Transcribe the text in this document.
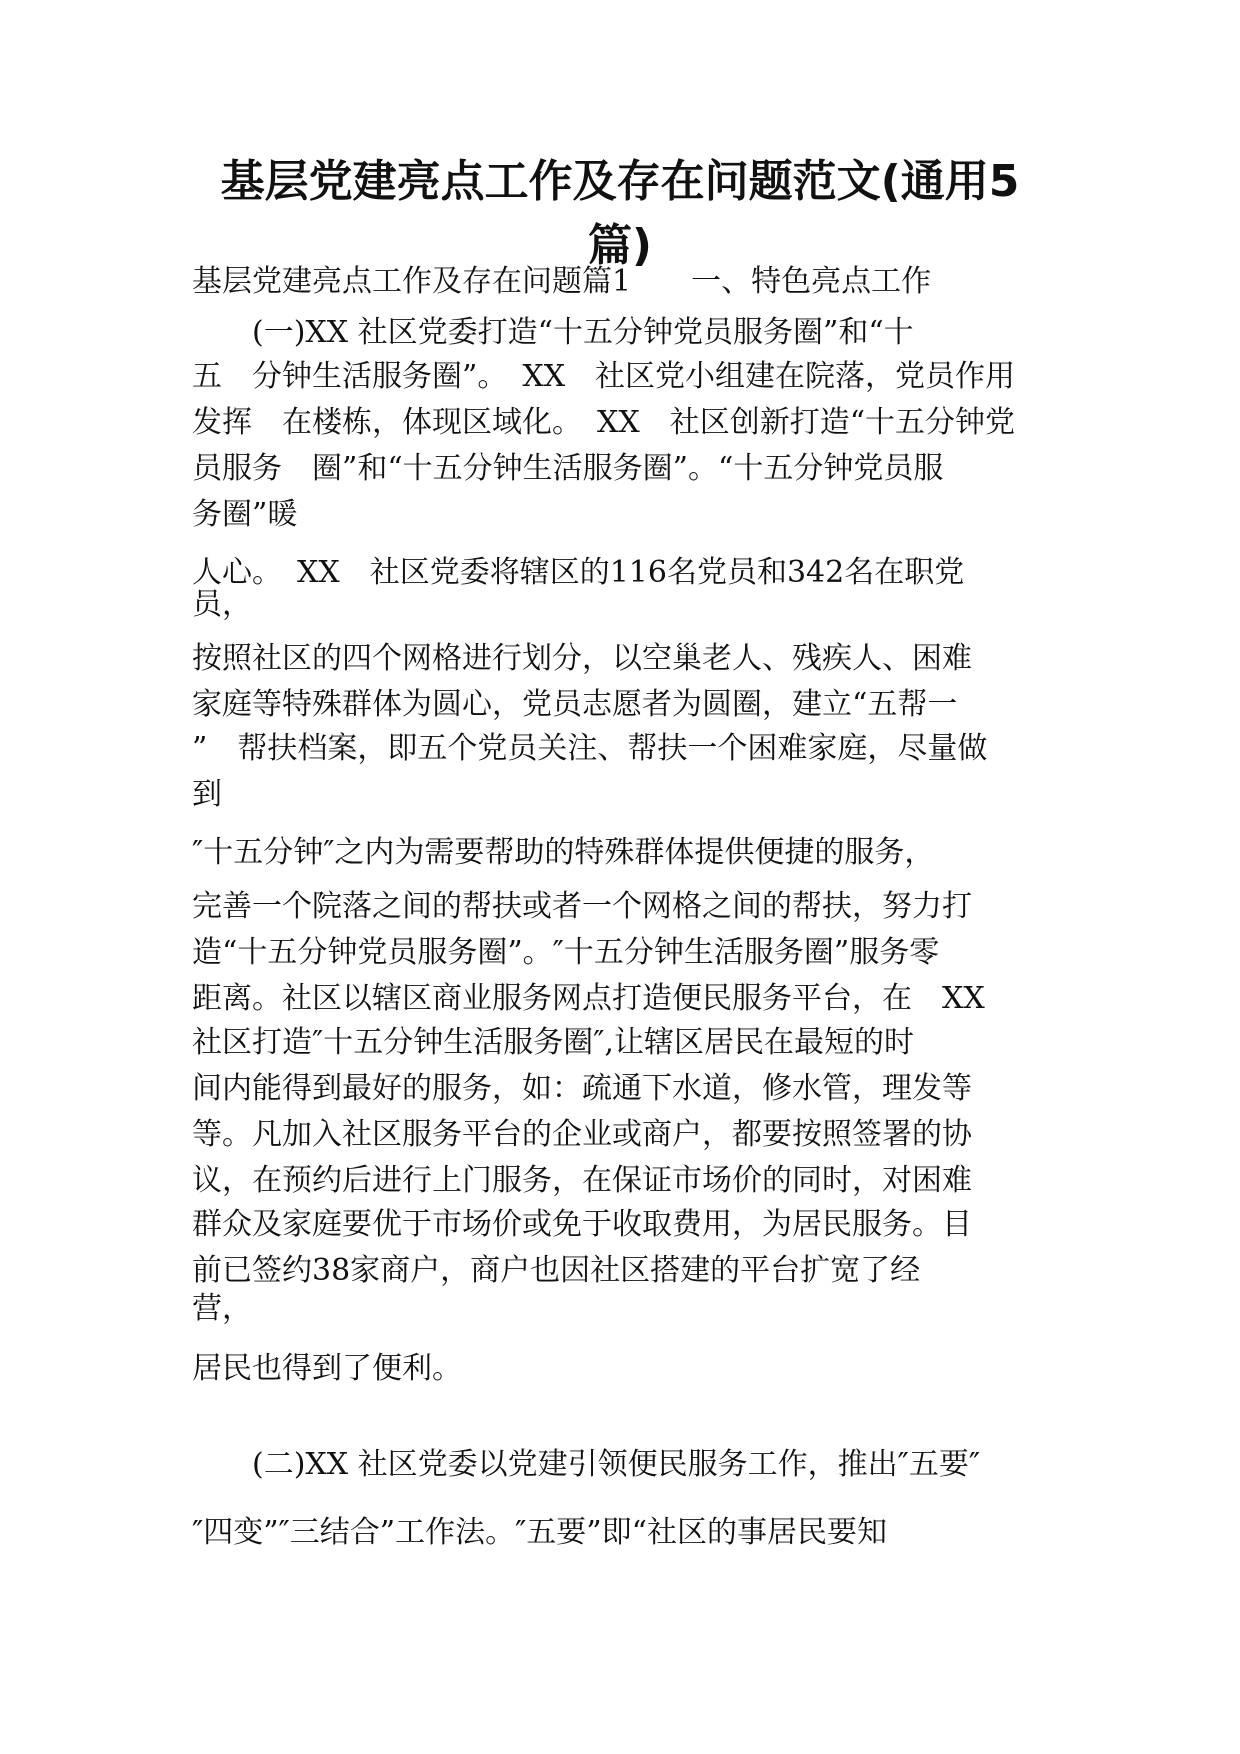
基层党建亮点工作及存在问题范文(通用5
篇)

基层党建亮点工作及存在问题篇1　　一、特色亮点工作

　　(一)XX 社区党委打造“十五分钟党员服务圈”和“十

五　分钟生活服务圈”。　XX　社区党小组建在院落，党员作用

发挥　在楼栋，体现区域化。　XX　社区创新打造“十五分钟党

员服务　圈”和“十五分钟生活服务圈”。“十五分钟党员服

务圈”暖

人心。　XX　社区党委将辖区的116名党员和342名在职党

员，

按照社区的四个网格进行划分，以空巢老人、残疾人、困难

家庭等特殊群体为圆心，党员志愿者为圆圈，建立“五帮一

”　帮扶档案，即五个党员关注、帮扶一个困难家庭，尽量做

到

″十五分钟″之内为需要帮助的特殊群体提供便捷的服务，

完善一个院落之间的帮扶或者一个网格之间的帮扶，努力打

造“十五分钟党员服务圈”。″十五分钟生活服务圈”服务零

距离。社区以辖区商业服务网点打造便民服务平台，在　XX

社区打造″十五分钟生活服务圈″,让辖区居民在最短的时

间内能得到最好的服务，如：疏通下水道，修水管，理发等

等。凡加入社区服务平台的企业或商户，都要按照签署的协

议，在预约后进行上门服务，在保证市场价的同时，对困难

群众及家庭要优于市场价或免于收取费用，为居民服务。目

前已签约38家商户，商户也因社区搭建的平台扩宽了经

营，

居民也得到了便利。

　　(二)XX 社区党委以党建引领便民服务工作，推出″五要″

″四变”″三结合”工作法。″五要”即“社区的事居民要知
